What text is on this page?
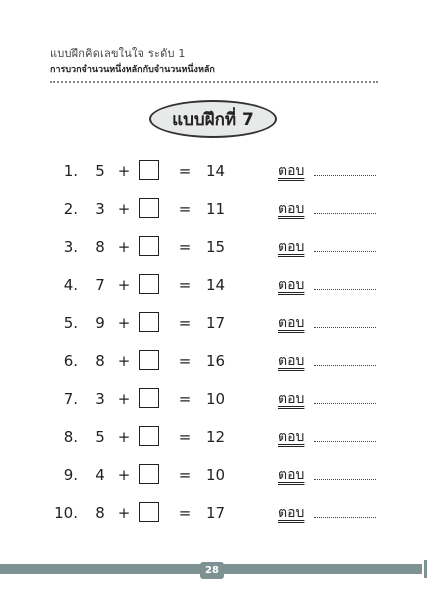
แบบฝึกคิดเลขในใจ ระดับ 1
การบวกจำนวนหนึ่งหลักกับจำนวนหนึ่งหลัก
แบบฝึกที่ 7
1. 5 +	= 14	ตอบ
2. 3 +	= 11	ตอบ
3. 8 +	= 15	ตอบ
4. 7 +	= 14	ตอบ
5. 9 +	= 17	ตอบ
6. 8 +	= 16	ตอบ
7. 3 +	= 10	ตอบ
8. 5 +	= 12	ตอบ
9. 4 +	= 10	ตอบ
10. 8 +	= 17	ตอบ
28
